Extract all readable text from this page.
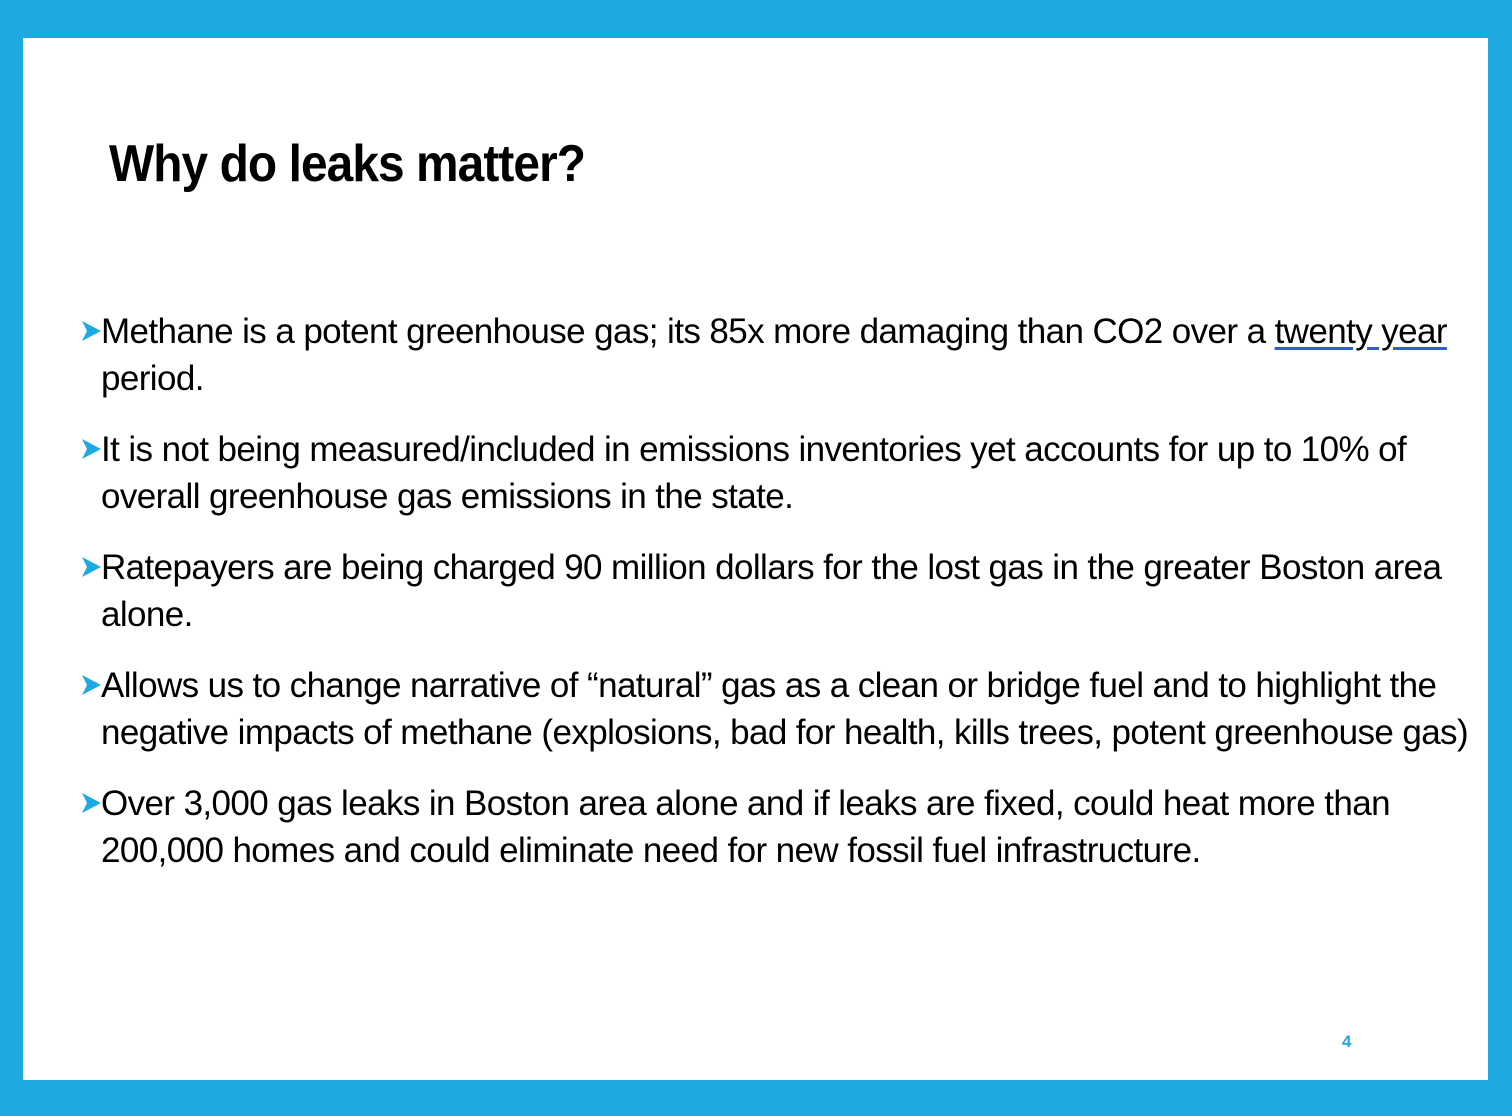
Why do leaks matter?
Methane is a potent greenhouse gas; its 85x more damaging than CO2 over a twenty year period.
It is not being measured/included in emissions inventories yet accounts for up to 10% of overall greenhouse gas emissions in the state.
Ratepayers are being charged 90 million dollars for the lost gas in the greater Boston area alone.
Allows us to change narrative of “natural” gas as a clean or bridge fuel and to highlight the negative impacts of methane (explosions, bad for health, kills trees, potent greenhouse gas)
Over 3,000 gas leaks in Boston area alone and if leaks are fixed, could heat more than 200,000 homes and could eliminate need for new fossil fuel infrastructure.
4
